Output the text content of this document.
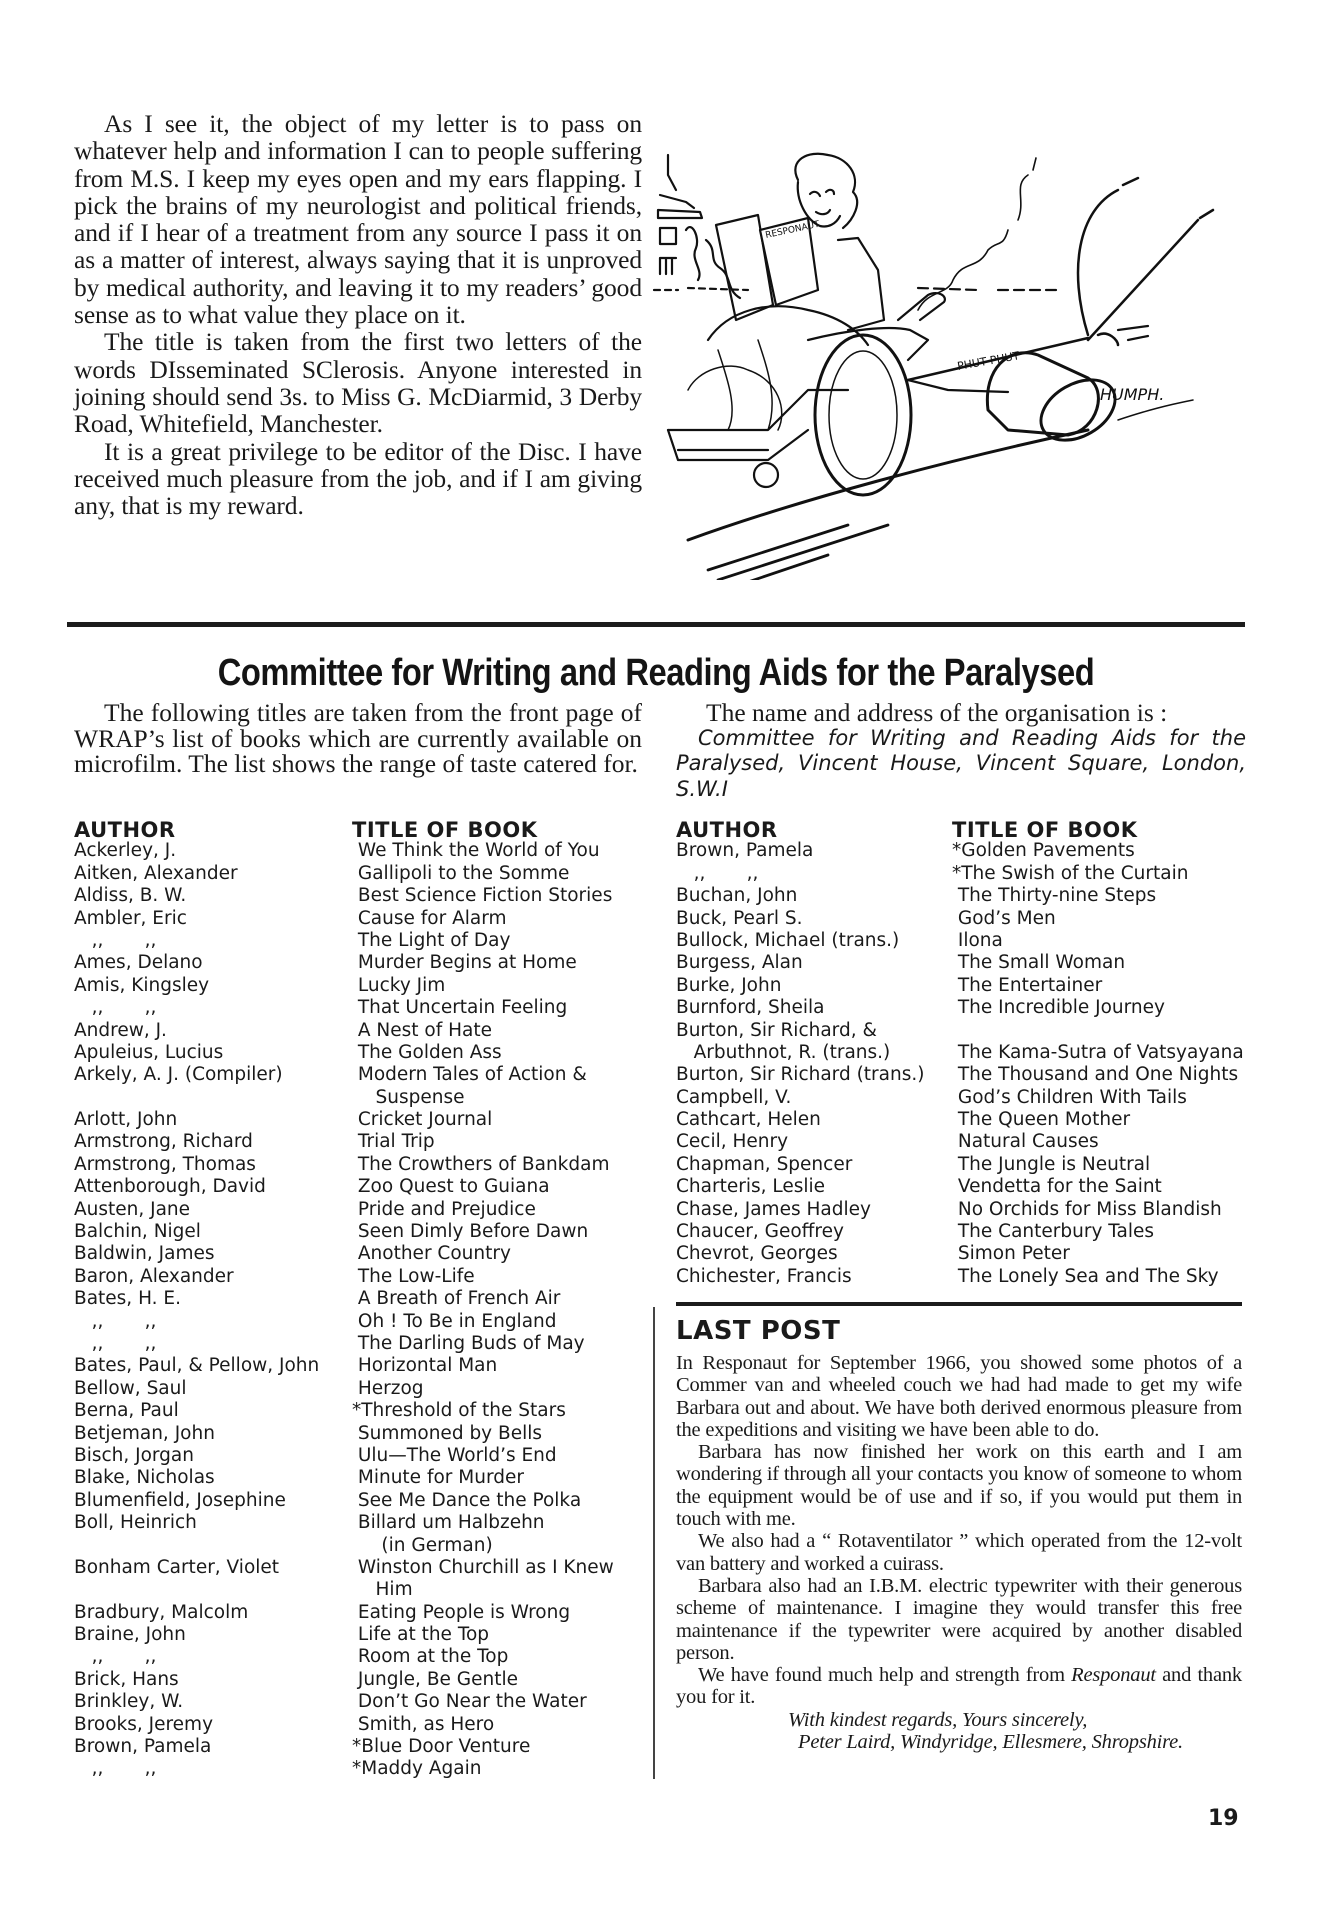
As I see it, the object of my letter is to pass on whatever help and information I can to people suffering from M.S. I keep my eyes open and my ears flapping. I pick the brains of my neurologist and political friends, and if I hear of a treatment from any source I pass it on as a matter of interest, always saying that it is unproved by medical authority, and leaving it to my readers’ good sense as to what value they place on it.

The title is taken from the first two letters of the words DIsseminated SClerosis. Anyone interested in joining should send 3s. to Miss G. McDiarmid, 3 Derby Road, Whitefield, Manchester.

It is a great privilege to be editor of the Disc. I have received much pleasure from the job, and if I am giving any, that is my reward.

RESPONAUT
PHUT PHUT
HUMPH.
Committee for Writing and Reading Aids for the Paralysed

The following titles are taken from the front page of WRAP’s list of books which are currently available on microfilm. The list shows the range of taste catered for.

The name and address of the organisation is :

Committee for Writing and Reading Aids for the Paralysed, Vincent House, Vincent Square, London, S.W.I

AUTHOR
Ackerley, J.
Aitken, Alexander
Aldiss, B. W.
Ambler, Eric
,,       ,,
Ames, Delano
Amis, Kingsley
,,       ,,
Andrew, J.
Apuleius, Lucius
Arkely, A. J. (Compiler)

Arlott, John
Armstrong, Richard
Armstrong, Thomas
Attenborough, David
Austen, Jane
Balchin, Nigel
Baldwin, James
Baron, Alexander
Bates, H. E.
,,       ,,
,,       ,,
Bates, Paul, & Pellow, John
Bellow, Saul
Berna, Paul
Betjeman, John
Bisch, Jorgan
Blake, Nicholas
Blumenfield, Josephine
Boll, Heinrich

Bonham Carter, Violet

Bradbury, Malcolm
Braine, John
,,       ,,
Brick, Hans
Brinkley, W.
Brooks, Jeremy
Brown, Pamela
,,       ,,
TITLE OF BOOK
We Think the World of You
Gallipoli to the Somme
Best Science Fiction Stories
Cause for Alarm
The Light of Day
Murder Begins at Home
Lucky Jim
That Uncertain Feeling
A Nest of Hate
The Golden Ass
Modern Tales of Action &
Suspense
Cricket Journal
Trial Trip
The Crowthers of Bankdam
Zoo Quest to Guiana
Pride and Prejudice
Seen Dimly Before Dawn
Another Country
The Low-Life
A Breath of French Air
Oh ! To Be in England
The Darling Buds of May
Horizontal Man
Herzog
*Threshold of the Stars
Summoned by Bells
Ulu—The World’s End
Minute for Murder
See Me Dance the Polka
Billard um Halbzehn
(in German)
Winston Churchill as I Knew
Him
Eating People is Wrong
Life at the Top
Room at the Top
Jungle, Be Gentle
Don’t Go Near the Water
Smith, as Hero
*Blue Door Venture
*Maddy Again
AUTHOR
Brown, Pamela
,,       ,,
Buchan, John
Buck, Pearl S.
Bullock, Michael (trans.)
Burgess, Alan
Burke, John
Burnford, Sheila
Burton, Sir Richard, &
Arbuthnot, R. (trans.)
Burton, Sir Richard (trans.)
Campbell, V.
Cathcart, Helen
Cecil, Henry
Chapman, Spencer
Charteris, Leslie
Chase, James Hadley
Chaucer, Geoffrey
Chevrot, Georges
Chichester, Francis
TITLE OF BOOK
*Golden Pavements
*The Swish of the Curtain
The Thirty-nine Steps
God’s Men
Ilona
The Small Woman
The Entertainer
The Incredible Journey

The Kama-Sutra of Vatsyayana
The Thousand and One Nights
God’s Children With Tails
The Queen Mother
Natural Causes
The Jungle is Neutral
Vendetta for the Saint
No Orchids for Miss Blandish
The Canterbury Tales
Simon Peter
The Lonely Sea and The Sky
LAST POST

In Responaut for September 1966, you showed some photos of a Commer van and wheeled couch we had had made to get my wife Barbara out and about. We have both derived enormous pleasure from the expeditions and visiting we have been able to do.

Barbara has now finished her work on this earth and I am wondering if through all your contacts you know of someone to whom the equipment would be of use and if so, if you would put them in touch with me.

We also had a “ Rotaventilator ” which operated from the 12-volt van battery and worked a cuirass.

Barbara also had an I.B.M. electric typewriter with their generous scheme of maintenance. I imagine they would transfer this free maintenance if the typewriter were acquired by another disabled person.

We have found much help and strength from Responaut and thank you for it.

With kindest regards, Yours sincerely,

Peter Laird, Windyridge, Ellesmere, Shropshire.

19
